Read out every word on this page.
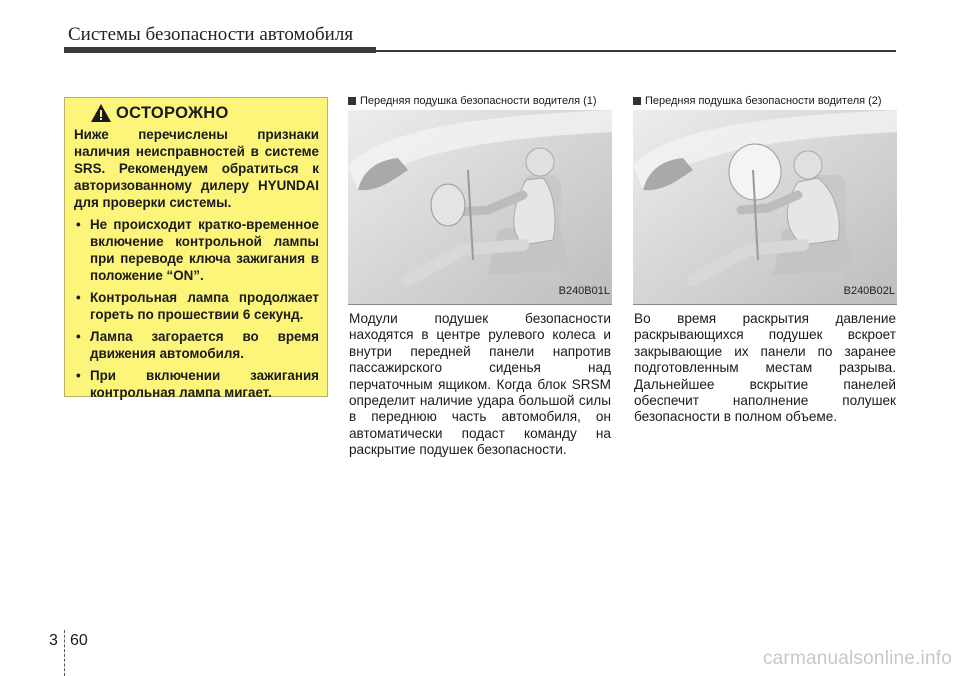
Системы безопасности автомобиля
ОСТОРОЖНО

Ниже перечислены признаки наличия неисправностей в системе SRS. Рекомендуем обратиться к авторизованному дилеру HYUNDAI для проверки системы.

• Не происходит кратко-временное включение контрольной лампы при переводе ключа зажигания в положение “ON”.
• Контрольная лампа продолжает гореть по прошествии 6 секунд.
• Лампа загорается во время движения автомобиля.
• При включении зажигания контрольная лампа мигает.
Передняя подушка безопасности водителя (1)
B240B01L
Передняя подушка безопасности водителя (2)
B240B02L
Модули подушек безопасности находятся в центре рулевого колеса и внутри передней панели напротив пассажирского сиденья над перчаточным ящиком. Когда блок SRSM определит наличие удара большой силы в переднюю часть автомобиля, он автоматически подаст команду на раскрытие подушек безопасности.
Во время раскрытия давление раскрывающихся подушек вскроет закрывающие их панели по заранее подготовленным местам разрыва. Дальнейшее вскрытие панелей обеспечит наполнение полушек безопасности в полном объеме.
3 60
carmanualsonline.info
